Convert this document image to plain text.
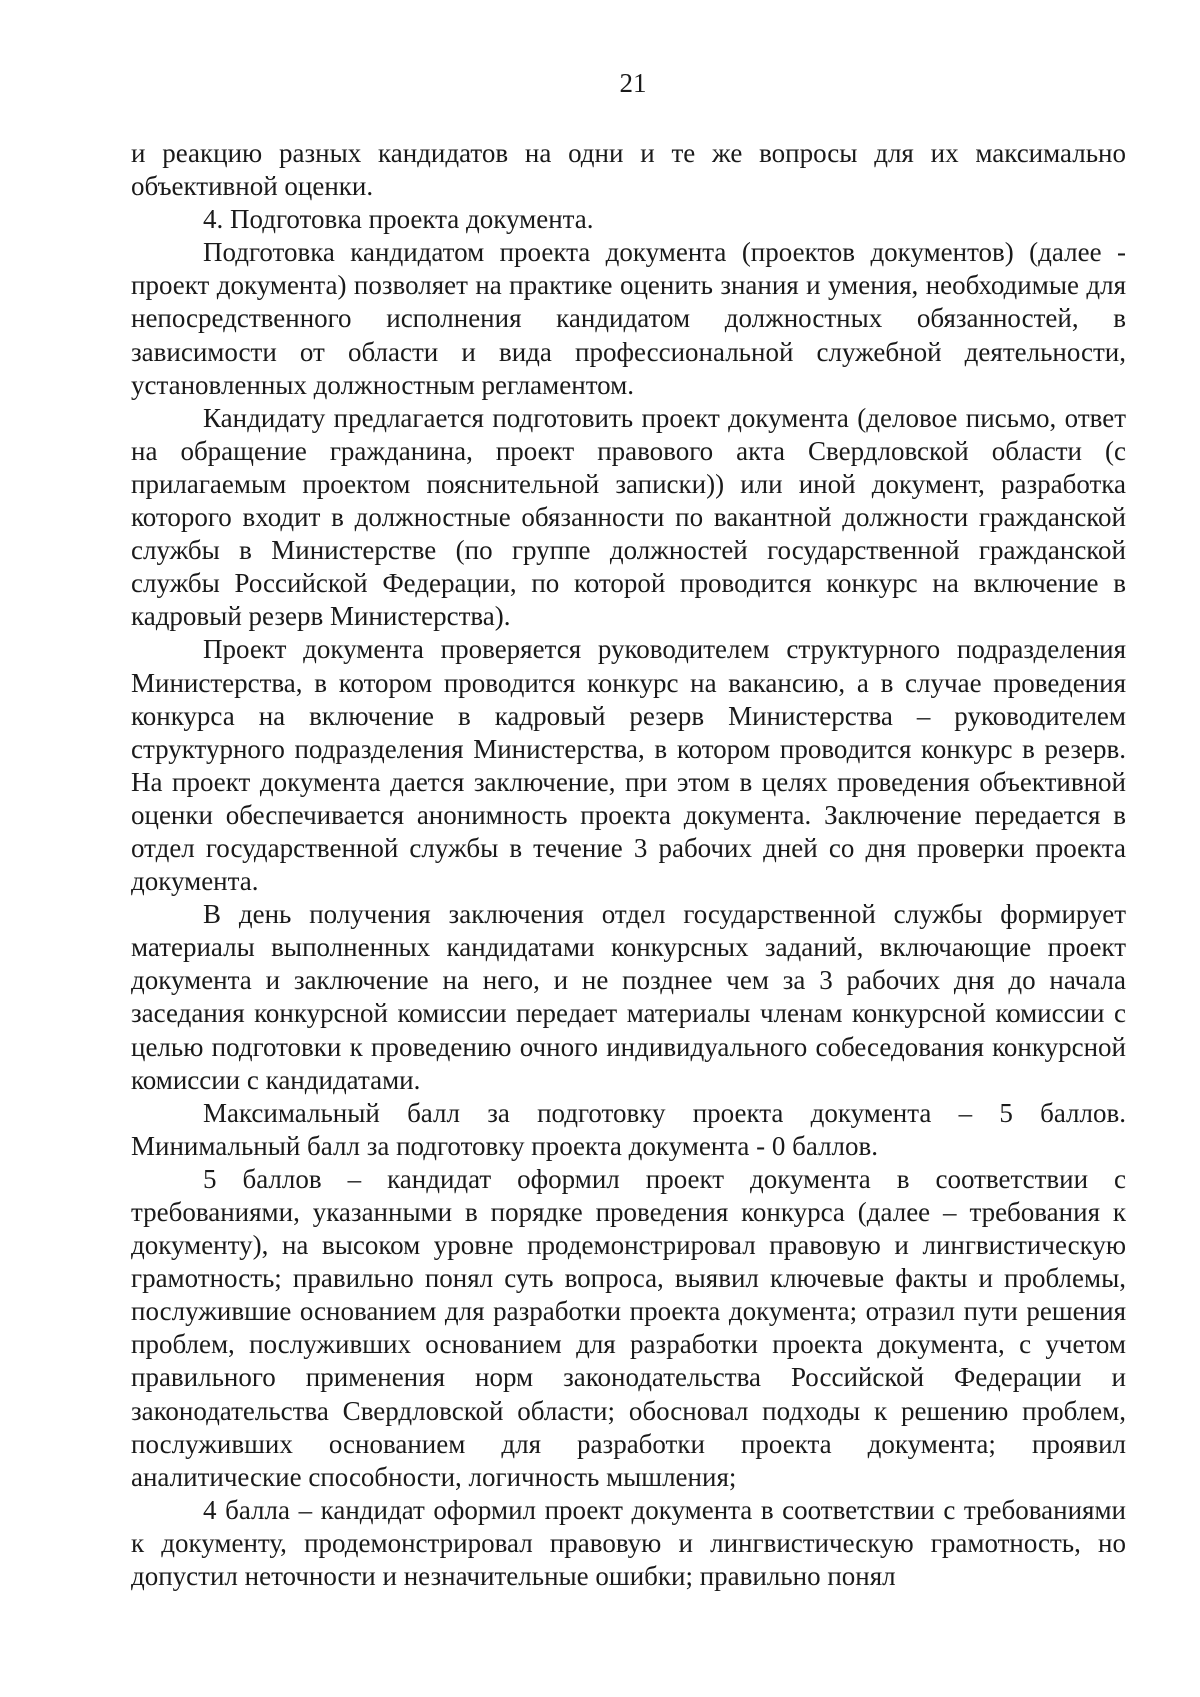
21

и реакцию разных кандидатов на одни и те же вопросы для их максимально объективной оценки.

4. Подготовка проекта документа.

Подготовка кандидатом проекта документа (проектов документов) (далее - проект документа) позволяет на практике оценить знания и умения, необходимые для непосредственного исполнения кандидатом должностных обязанностей, в зависимости от области и вида профессиональной служебной деятельности, установленных должностным регламентом.

Кандидату предлагается подготовить проект документа (деловое письмо, ответ на обращение гражданина, проект правового акта Свердловской области (с прилагаемым проектом пояснительной записки)) или иной документ, разработка которого входит в должностные обязанности по вакантной должности гражданской службы в Министерстве (по группе должностей государственной гражданской службы Российской Федерации, по которой проводится конкурс на включение в кадровый резерв Министерства).

Проект документа проверяется руководителем структурного подразделения Министерства, в котором проводится конкурс на вакансию, а в случае проведения конкурса на включение в кадровый резерв Министерства – руководителем структурного подразделения Министерства, в котором проводится конкурс в резерв. На проект документа дается заключение, при этом в целях проведения объективной оценки обеспечивается анонимность проекта документа. Заключение передается в отдел государственной службы в течение 3 рабочих дней со дня проверки проекта документа.

В день получения заключения отдел государственной службы формирует материалы выполненных кандидатами конкурсных заданий, включающие проект документа и заключение на него, и не позднее чем за 3 рабочих дня до начала заседания конкурсной комиссии передает материалы членам конкурсной комиссии с целью подготовки к проведению очного индивидуального собеседования конкурсной комиссии с кандидатами.

Максимальный балл за подготовку проекта документа – 5 баллов. Минимальный балл за подготовку проекта документа - 0 баллов.

5 баллов – кандидат оформил проект документа в соответствии с требованиями, указанными в порядке проведения конкурса (далее – требования к документу), на высоком уровне продемонстрировал правовую и лингвистическую грамотность; правильно понял суть вопроса, выявил ключевые факты и проблемы, послужившие основанием для разработки проекта документа; отразил пути решения проблем, послуживших основанием для разработки проекта документа, с учетом правильного применения норм законодательства Российской Федерации и законодательства Свердловской области; обосновал подходы к решению проблем, послуживших основанием для разработки проекта документа; проявил аналитические способности, логичность мышления;

4 балла – кандидат оформил проект документа в соответствии с требованиями к документу, продемонстрировал правовую и лингвистическую грамотность, но допустил неточности и незначительные ошибки; правильно понял
